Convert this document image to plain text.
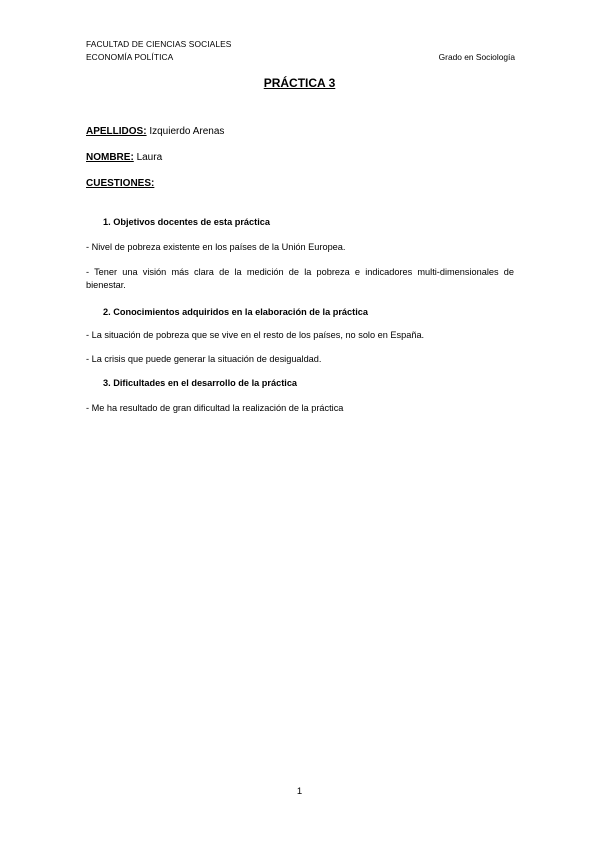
FACULTAD DE CIENCIAS SOCIALES
ECONOMÍA POLÍTICA	Grado en Sociología
PRÁCTICA 3
APELLIDOS: Izquierdo Arenas
NOMBRE: Laura
CUESTIONES:
1. Objetivos docentes de esta práctica
- Nivel de pobreza existente en los países de la Unión Europea.
- Tener una visión más clara de la medición de la pobreza e indicadores multi-dimensionales de bienestar.
2. Conocimientos adquiridos en la elaboración de la práctica
- La situación de pobreza que se vive en el resto de los países, no solo en España.
- La crisis que puede generar la situación de desigualdad.
3. Dificultades en el desarrollo de la práctica
- Me ha resultado de gran dificultad la realización de la práctica
1
